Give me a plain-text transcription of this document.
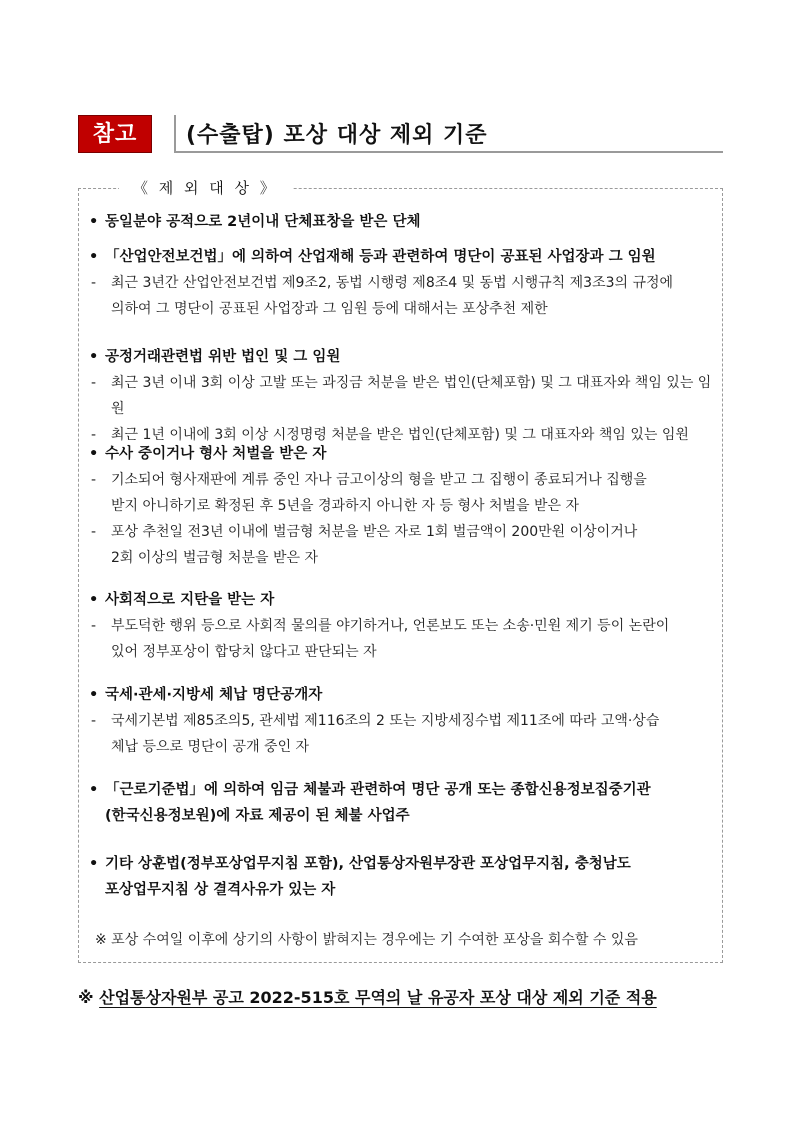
참고	(수출탑) 포상 대상 제외 기준
《 제 외 대 상 》
• 동일분야 공적으로 2년이내 단체표창을 받은 단체
• 「산업안전보건법」에 의하여 산업재해 등과 관련하여 명단이 공표된 사업장과 그 임원
- 최근 3년간 산업안전보건법 제9조2, 동법 시행령 제8조4 및 동법 시행규칙 제3조3의 규정에
의하여 그 명단이 공표된 사업장과 그 임원 등에 대해서는 포상추천 제한
• 공정거래관련법 위반 법인 및 그 임원
- 최근 3년 이내 3회 이상 고발 또는 과징금 처분을 받은 법인(단체포함) 및 그 대표자와 책임 있는 임원
- 최근 1년 이내에 3회 이상 시정명령 처분을 받은 법인(단체포함) 및 그 대표자와 책임 있는 임원
• 수사 중이거나 형사 처벌을 받은 자
- 기소되어 형사재판에 계류 중인 자나 금고이상의 형을 받고 그 집행이 종료되거나 집행을
받지 아니하기로 확정된 후 5년을 경과하지 아니한 자 등 형사 처벌을 받은 자
- 포상 추천일 전3년 이내에 벌금형 처분을 받은 자로 1회 벌금액이 200만원 이상이거나
2회 이상의 벌금형 처분을 받은 자
• 사회적으로 지탄을 받는 자
- 부도덕한 행위 등으로 사회적 물의를 야기하거나, 언론보도 또는 소송·민원 제기 등이 논란이
있어 정부포상이 합당치 않다고 판단되는 자
• 국세·관세·지방세 체납 명단공개자
- 국세기본법 제85조의5, 관세법 제116조의 2 또는 지방세징수법 제11조에 따라 고액·상습
체납 등으로 명단이 공개 중인 자
• 「근로기준법」에 의하여 임금 체불과 관련하여 명단 공개 또는 종합신용정보집중기관
(한국신용정보원)에 자료 제공이 된 체불 사업주
• 기타 상훈법(정부포상업무지침 포함), 산업통상자원부장관 포상업무지침, 충청남도
포상업무지침 상 결격사유가 있는 자
※ 포상 수여일 이후에 상기의 사항이 밝혀지는 경우에는 기 수여한 포상을 회수할 수 있음
※ 산업통상자원부 공고 2022-515호 무역의 날 유공자 포상 대상 제외 기준 적용
